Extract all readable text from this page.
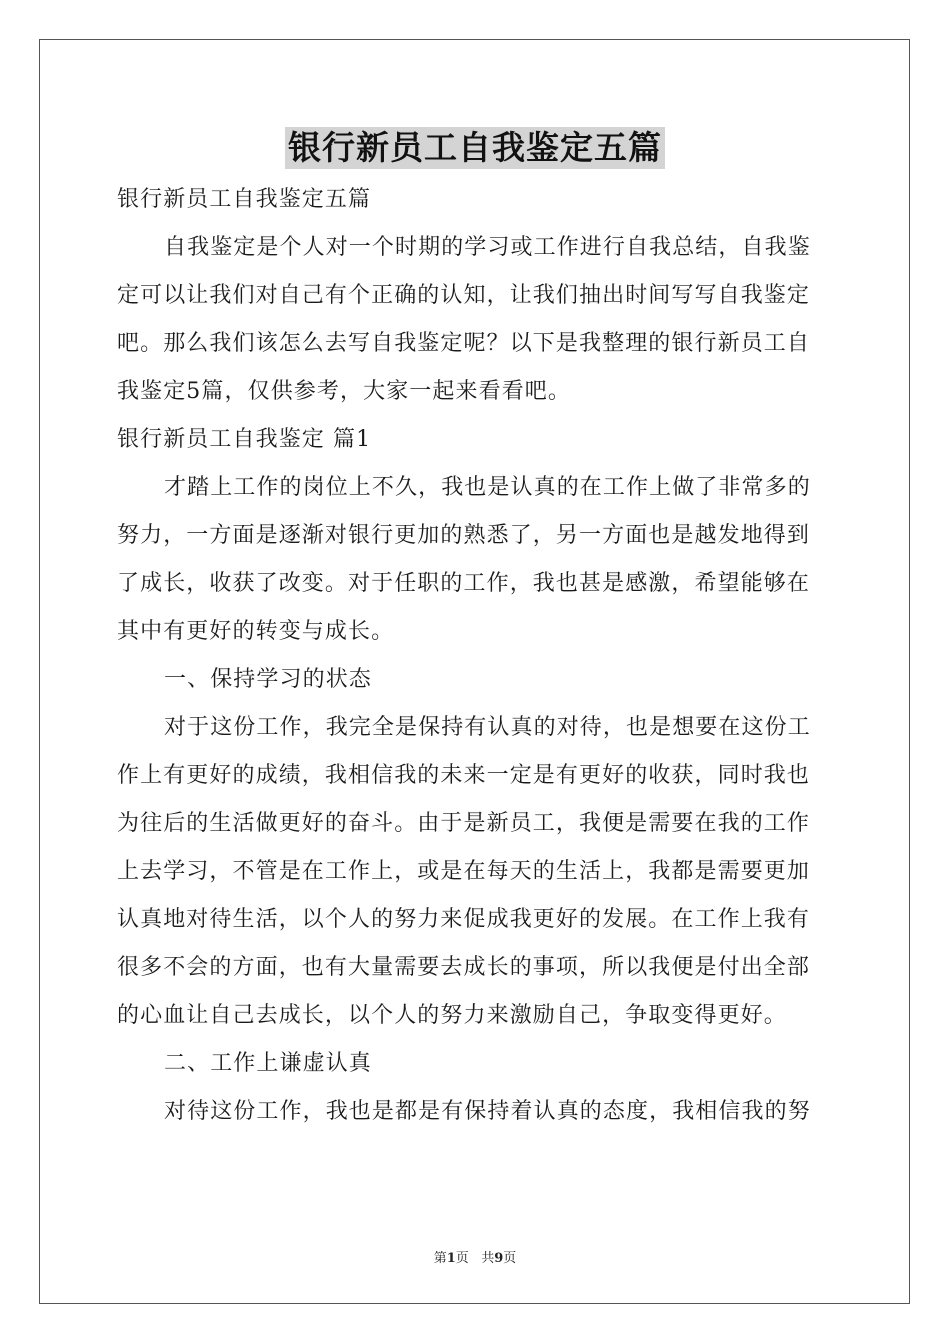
银行新员工自我鉴定五篇
银行新员工自我鉴定五篇
自我鉴定是个人对一个时期的学习或工作进行自我总结，自我鉴
定可以让我们对自己有个正确的认知，让我们抽出时间写写自我鉴定
吧。那么我们该怎么去写自我鉴定呢？以下是我整理的银行新员工自
我鉴定5篇，仅供参考，大家一起来看看吧。
银行新员工自我鉴定 篇1
才踏上工作的岗位上不久，我也是认真的在工作上做了非常多的
努力，一方面是逐渐对银行更加的熟悉了，另一方面也是越发地得到
了成长，收获了改变。对于任职的工作，我也甚是感激，希望能够在
其中有更好的转变与成长。
一、保持学习的状态
对于这份工作，我完全是保持有认真的对待，也是想要在这份工
作上有更好的成绩，我相信我的未来一定是有更好的收获，同时我也
为往后的生活做更好的奋斗。由于是新员工，我便是需要在我的工作
上去学习，不管是在工作上，或是在每天的生活上，我都是需要更加
认真地对待生活，以个人的努力来促成我更好的发展。在工作上我有
很多不会的方面，也有大量需要去成长的事项，所以我便是付出全部
的心血让自己去成长，以个人的努力来激励自己，争取变得更好。
二、工作上谦虚认真
对待这份工作，我也是都是有保持着认真的态度，我相信我的努
第1页 共9页
